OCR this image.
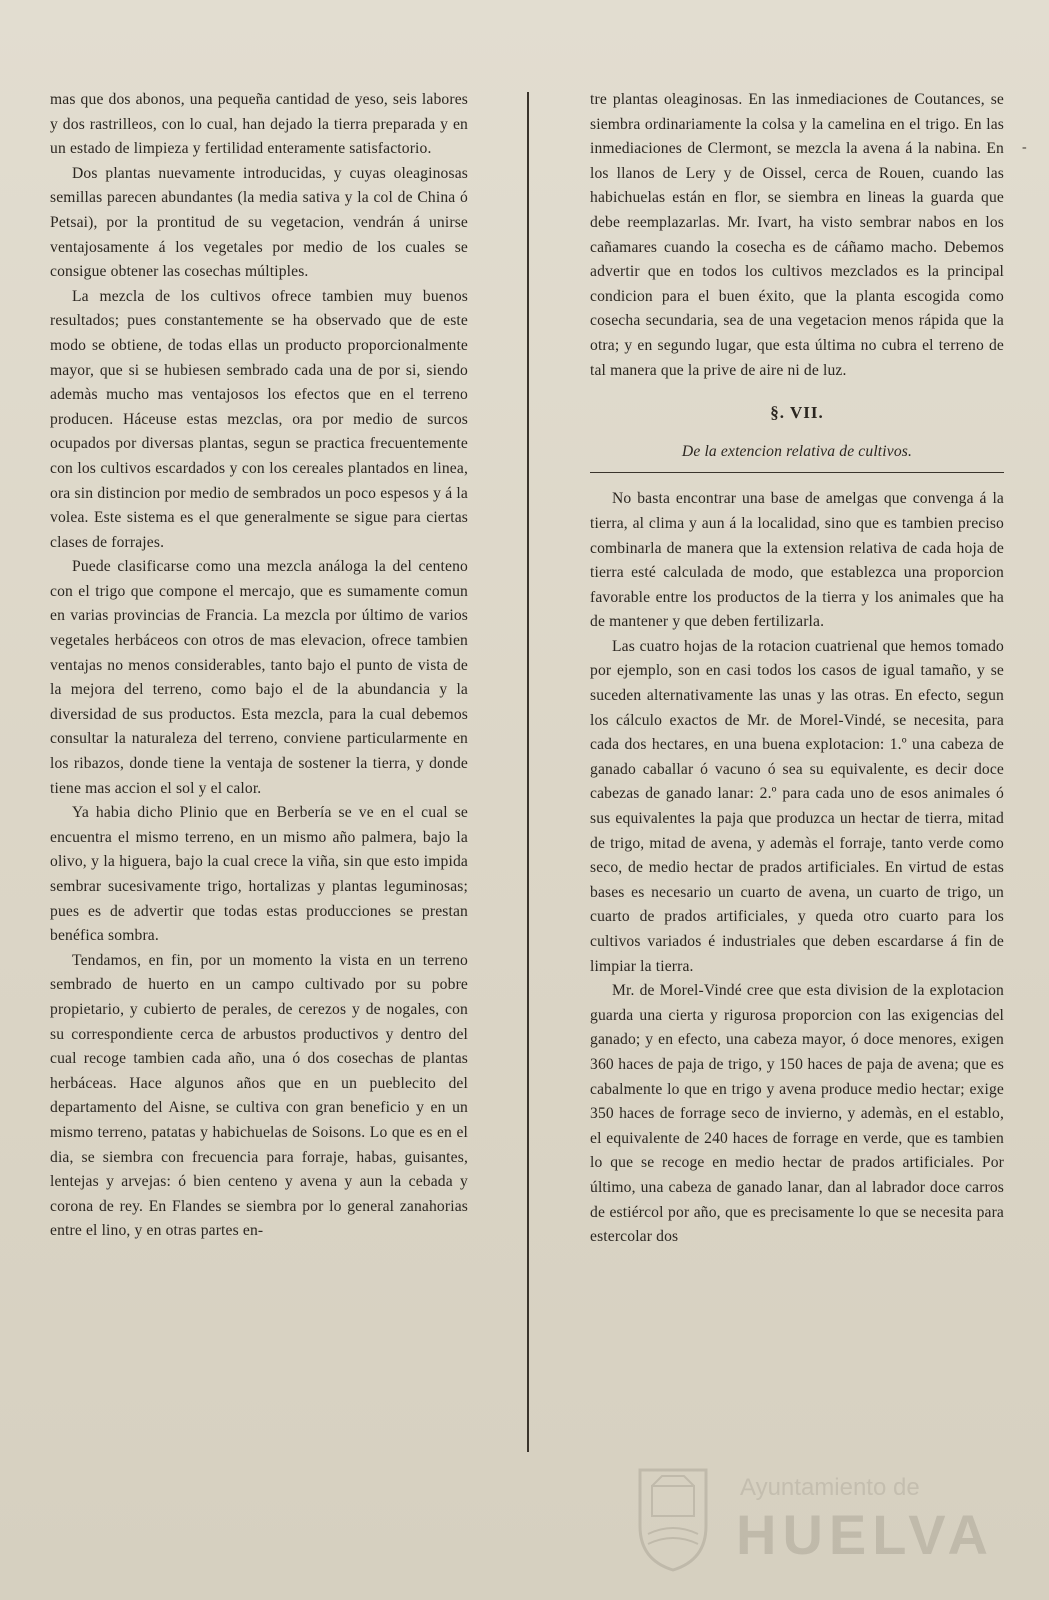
mas que dos abonos, una pequeña cantidad de yeso, seis labores y dos rastrilleos, con lo cual, han dejado la tierra preparada y en un estado de limpieza y fertilidad enteramente satisfactorio.

Dos plantas nuevamente introducidas, y cuyas oleaginosas semillas parecen abundantes (la media sativa y la col de China ó Petsai), por la prontitud de su vegetacion, vendrán á unirse ventajosamente á los vegetales por medio de los cuales se consigue obtener las cosechas múltiples.

La mezcla de los cultivos ofrece tambien muy buenos resultados; pues constantemente se ha observado que de este modo se obtiene, de todas ellas un producto proporcionalmente mayor, que si se hubiesen sembrado cada una de por si, siendo ademàs mucho mas ventajosos los efectos que en el terreno producen. Háceuse estas mezclas, ora por medio de surcos ocupados por diversas plantas, segun se practica frecuentemente con los cultivos escardados y con los cereales plantados en linea, ora sin distincion por medio de sembrados un poco espesos y á la volea. Este sistema es el que generalmente se sigue para ciertas clases de forrajes.

Puede clasificarse como una mezcla análoga la del centeno con el trigo que compone el mercajo, que es sumamente comun en varias provincias de Francia. La mezcla por último de varios vegetales herbáceos con otros de mas elevacion, ofrece tambien ventajas no menos considerables, tanto bajo el punto de vista de la mejora del terreno, como bajo el de la abundancia y la diversidad de sus productos. Esta mezcla, para la cual debemos consultar la naturaleza del terreno, conviene particularmente en los ribazos, donde tiene la ventaja de sostener la tierra, y donde tiene mas accion el sol y el calor.

Ya habia dicho Plinio que en Berbería se ve en el cual se encuentra el mismo terreno, en un mismo año palmera, bajo la olivo, y la higuera, bajo la cual crece la viña, sin que esto impida sembrar sucesivamente trigo, hortalizas y plantas leguminosas; pues es de advertir que todas estas producciones se prestan benéfica sombra.

Tendamos, en fin, por un momento la vista en un terreno sembrado de huerto en un campo cultivado por su pobre propietario, y cubierto de perales, de cerezos y de nogales, con su correspondiente cerca de arbustos productivos y dentro del cual recoge tambien cada año, una ó dos cosechas de plantas herbáceas. Hace algunos años que en un pueblecito del departamento del Aisne, se cultiva con gran beneficio y en un mismo terreno, patatas y habichuelas de Soisons. Lo que es en el dia, se siembra con frecuencia para forraje, habas, guisantes, lentejas y arvejas: ó bien centeno y avena y aun la cebada y corona de rey. En Flandes se siembra por lo general zanahorias entre el lino, y en otras partes en-

tre plantas oleaginosas. En las inmediaciones de Coutances, se siembra ordinariamente la colsa y la camelina en el trigo. En las inmediaciones de Clermont, se mezcla la avena á la nabina. En los llanos de Lery y de Oissel, cerca de Rouen, cuando las habichuelas están en flor, se siembra en lineas la guarda que debe reemplazarlas. Mr. Ivart, ha visto sembrar nabos en los cañamares cuando la cosecha es de cáñamo macho. Debemos advertir que en todos los cultivos mezclados es la principal condicion para el buen éxito, que la planta escogida como cosecha secundaria, sea de una vegetacion menos rápida que la otra; y en segundo lugar, que esta última no cubra el terreno de tal manera que la prive de aire ni de luz.

§. VII.
De la extencion relativa de cultivos.

No basta encontrar una base de amelgas que convenga á la tierra, al clima y aun á la localidad, sino que es tambien preciso combinarla de manera que la extension relativa de cada hoja de tierra esté calculada de modo, que establezca una proporcion favorable entre los productos de la tierra y los animales que ha de mantener y que deben fertilizarla.

Las cuatro hojas de la rotacion cuatrienal que hemos tomado por ejemplo, son en casi todos los casos de igual tamaño, y se suceden alternativamente las unas y las otras. En efecto, segun los cálculo exactos de Mr. de Morel-Vindé, se necesita, para cada dos hectares, en una buena explotacion: 1.º una cabeza de ganado caballar ó vacuno ó sea su equivalente, es decir doce cabezas de ganado lanar: 2.º para cada uno de esos animales ó sus equivalentes la paja que produzca un hectar de tierra, mitad de trigo, mitad de avena, y ademàs el forraje, tanto verde como seco, de medio hectar de prados artificiales. En virtud de estas bases es necesario un cuarto de avena, un cuarto de trigo, un cuarto de prados artificiales, y queda otro cuarto para los cultivos variados é industriales que deben escardarse á fin de limpiar la tierra.

Mr. de Morel-Vindé cree que esta division de la explotacion guarda una cierta y rigurosa proporcion con las exigencias del ganado; y en efecto, una cabeza mayor, ó doce menores, exigen 360 haces de paja de trigo, y 150 haces de paja de avena; que es cabalmente lo que en trigo y avena produce medio hectar; exige 350 haces de forrage seco de invierno, y ademàs, en el establo, el equivalente de 240 haces de forrage en verde, que es tambien lo que se recoge en medio hectar de prados artificiales. Por último, una cabeza de ganado lanar, dan al labrador doce carros de estiércol por año, que es precisamente lo que se necesita para estercolar dos

-
Ayuntamiento de
HUELVA
